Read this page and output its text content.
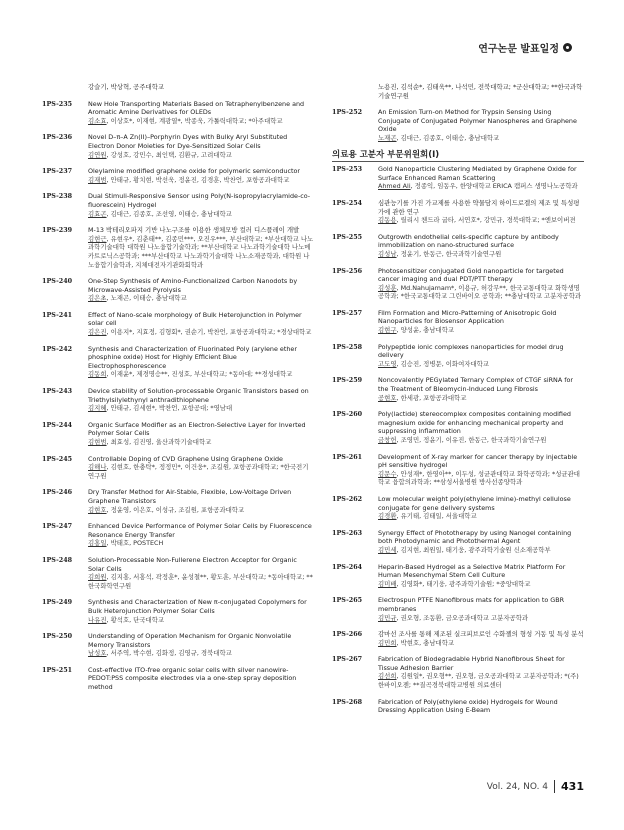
연구논문 발표일정
강슬기, 박상혁, 공주대학교
1PS-235 New Hole Transporting Materials Based on Tetraphenylbenzene and Aromatic Amine Derivatives for OLEDs
김소효, 이상호*, 이재현, 계광열*, 박종욱, 가톨릭대학교; *아주대학교
1PS-236 Novel D–π–A Zn(II)–Porphyrin Dyes with Bulky Aryl Substituted Electron Donor Moieties for Dye-Sensitized Solar Cells
김연원, 강성호, 강민수, 최인택, 김환규, 고려대학교
1PS-237 Oleylamine modified graphene oxide for polymeric semiconductor
김재범, 안태규, 황치현, 박선욱, 정윤진, 김경훈, 박찬언, 포항공과대학교
1PS-238 Dual Stimuli-Responsive Sensor using Poly(N-isopropylacrylamide-co-fluorescein) Hydrogel
김효곤, 김대근, 김종호, 조선영, 이태승, 충남대학교
1PS-239 M-13 박테리오파지 기반 나노구조를 이용한 생체모방 컬러 디스플레이 개발
김현근, 유현우*, 김춘태**, 김종민***, 오진우***, 부산대학교; *부산대학교 나노과학기술대학 대학원 나노융합기술학과; **부산대학교 나노과학기술대학 나노메카트로닉스공학과; ***부산대학교 나노과학기술대학 나노소재공학과, 대학원 나노융합기술학과, 지체대전자기관화회학과
1PS-240 One-Step Synthesis of Amino-Functionalized Carbon Nanodots by Microwave-Assisted Pyrolysis
김은초, 노재곤, 이태승, 충남대학교
1PS-241 Effect of Nano-scale morphology of Bulk Heterojunction in Polymer solar cell
김은진, 이용지*, 지효정, 김형회*, 권순기, 박찬언, 포항공과대학교; *경상대학교
1PS-242 Synthesis and Characterization of Fluorinated Poly (arylene ether phosphine oxide) Host for Highly Efficient Blue Electrophosphorescence
김동희, 이재윤*, 제경명승**, 진성호, 부산대학교; *동아대; **경성대학교
1PS-243 Device stability of Solution-processable Organic Transistors based on Triethylsilylethynyl anthradithiophene
김지혜, 안태규, 김세현*, 박찬언, 포항공대; *영남대
1PS-244 Organic Surface Modifier as an Electron-Selective Layer for Inverted Polymer Solar Cells
김현범, 최효성, 김진영, 울산과학기술대학교
1PS-245 Controllable Doping of CVD Graphene Using Graphene Oxide
김해나, 김현호, 한충탁*, 정정민*, 이건웅*, 조길원, 포항공과대학교; *한국전기연구원
1PS-246 Dry Transfer Method for Air-Stable, Flexible, Low-Voltage Driven Graphene Transistors
김현호, 정윤영, 이은호, 이성규, 조길원, 포항공과대학교
1PS-247 Enhanced Device Performance of Polymer Solar Cells by Fluorescence Resonance Energy Transfer
김홍일, 박태호, POSTECH
1PS-248 Solution-Processable Non-Fullerene Electron Acceptor for Organic Solar Cells
김희원, 김지홍, 서홍석, 곽정훈*, 윤성철**, 황도훈, 부산대학교; *동아대학교; **한국화학연구원
1PS-249 Synthesis and Characterization of New π-conjugated Copolymers for Bulk Heterojunction Polymer Solar Cells
나유진, 황석호, 단국대학교
1PS-250 Understanding of Operation Mechanism for Organic Nonvolatile Memory Transistors
남성호, 서주역, 박수현, 김화정, 김영규, 경북대학교
1PS-251 Cost-effective ITO-free organic solar cells with silver nanowire-PEDOT:PSS composite electrodes via a one-step spray deposition method
노용진, 김석순*, 김태욱**, 나석민, 전북대학교; *군산대학교; **한국과학기술연구원
1PS-252 An Emission Turn-on Method for Trypsin Sensing Using Conjugate of Conjugated Polymer Nanospheres and Graphene Oxide
노재곤, 김대근, 김종호, 이태승, 충남대학교
의료용 고분자 부문위원회(I)
1PS-253 Gold Nanoparticle Clustering Mediated by Graphene Oxide for Surface Enhanced Raman Scattering
Ahmed Ali, 정종익, 임동우, 한양대학교 ERICA 캠퍼스 생명나노공학과
1PS-254 심관능기를 가진 가교제를 사용한 약물담지 하이드로겔의 제조 및 특성평가에 관한 연구
김동용, 릴리시 첸드라 굽타, 서연호*, 강민규, 경북대학교; *엔보이버젼
1PS-255 Outgrowth endothelial cells-specific capture by antibody immobilization on nano-structured surface
김성남, 정윤기, 한동근, 한국과학기술연구원
1PS-256 Photosensitizer conjugated Gold nanoparticle for targeted cancer imaging and dual PDT/PTT therapy
김성훈, Md.Nahujamam*, 이용규, 허강무**, 한국교통대학교 화학생명공학과; *한국교통대학교 그린바이오 공학과; **충남대학교 고분자공학과
1PS-257 Film Formation and Micro-Patterning of Anisotropic Gold Nanoparticles for Biosensor Application
김현구, 양성윤, 충남대학교
1PS-258 Polypeptide ionic complexes nanoparticles for model drug delivery
고도영, 김승진, 정병문, 이화여자대학교
1PS-259 Noncovalently PEGylated Ternary Complex of CTGF siRNA for the Treatment of Bleomycin-Induced Lung Fibrosis
공현호, 한세광, 포항공과대학교
1PS-260 Poly(lactide) stereocomplex composites containing modified magnesium oxide for enhancing mechanical property and suppressing inflammation
금창헌, 조영민, 정윤기, 이유진, 한동근, 한국과학기술연구원
1PS-261 Development of X-ray marker for cancer therapy by injectable pH sensitive hydrogel
김문수, 안성재*, 한영아**, 이두성, 성균관대학교 화학공학과; *성균관대학교 융합의과학과; **삼성서울병원 방사선종양학과
1PS-262 Low molecular weight poly(ethylene imine)-methyl cellulose conjugate for gene delivery systems
김경환, 유기태, 김태일, 서울대학교
1PS-263 Synergy Effect of Phototherapy by using Nanogel containing both Photodynamic and Photothermal Agent
김민세, 김지현, 최원일, 태기웅, 광주과학기술원 신소재공학부
1PS-264 Heparin-Based Hydrogel as a Selective Matrix Platform For Human Mesenchymal Stem Cell Culture
김미배, 김영화*, 태기웅, 광주과학기술원; *중앙대학교
1PS-265 Electrospun PTFE Nanofibrous mats for application to GBR membranes
김민규, 권오형, 조동환, 금오공과대학교 고분자공학과
1PS-266 감마선 조사를 통해 제조된 실크피브로인 수화젤의 형성 거동 및 특성 분석
김민희, 박현호, 충남대학교
1PS-267 Fabrication of Biodegradable Hybrid Nanofibrous Sheet for Tissue Adhesion Barrier
김선희, 김원일*, 권오형**, 권오형, 금오공과대학교 고분자공학과; *(주)한바이오젠; **질곡경북대학교병원 의료센터
1PS-268 Fabrication of Poly(ethylene oxide) Hydrogels for Wound Dressing Application Using E-Beam
Vol. 24, NO. 4	431
